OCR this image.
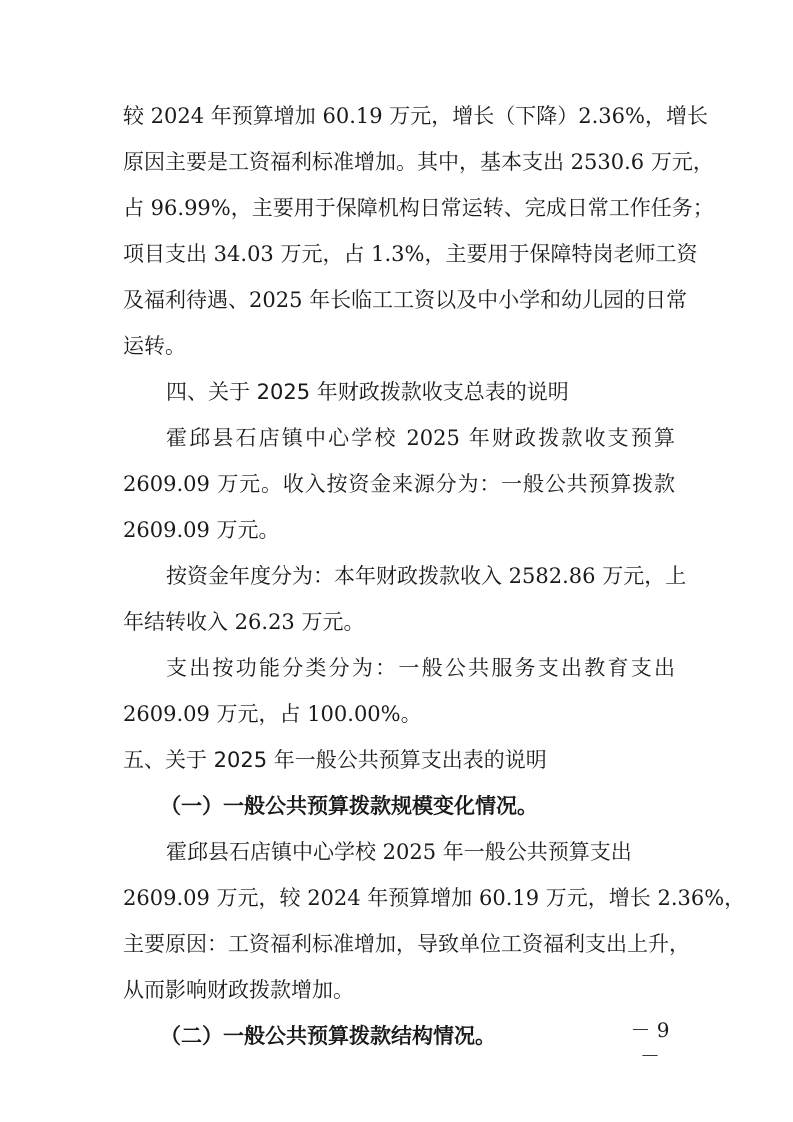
较 2024 年预算增加 60.19 万元，增长（下降）2.36%，增长
原因主要是工资福利标准增加。其中，基本支出 2530.6 万元，
占 96.99%，主要用于保障机构日常运转、完成日常工作任务；
项目支出 34.03 万元，占 1.3%，主要用于保障特岗老师工资
及福利待遇、2025 年长临工工资以及中小学和幼儿园的日常
运转。
四、关于 2025 年财政拨款收支总表的说明
霍邱县石店镇中心学校 2025 年财政拨款收支预算
2609.09 万元。收入按资金来源分为：一般公共预算拨款
2609.09 万元。
按资金年度分为：本年财政拨款收入 2582.86 万元，上
年结转收入 26.23 万元。
支出按功能分类分为：一般公共服务支出教育支出
2609.09 万元，占 100.00%。
五、关于 2025 年一般公共预算支出表的说明
（一）一般公共预算拨款规模变化情况。
霍邱县石店镇中心学校 2025 年一般公共预算支出
2609.09 万元，较 2024 年预算增加 60.19 万元，增长 2.36%，
主要原因：工资福利标准增加，导致单位工资福利支出上升，
从而影响财政拨款增加。
（二）一般公共预算拨款结构情况。	－ 9 －
